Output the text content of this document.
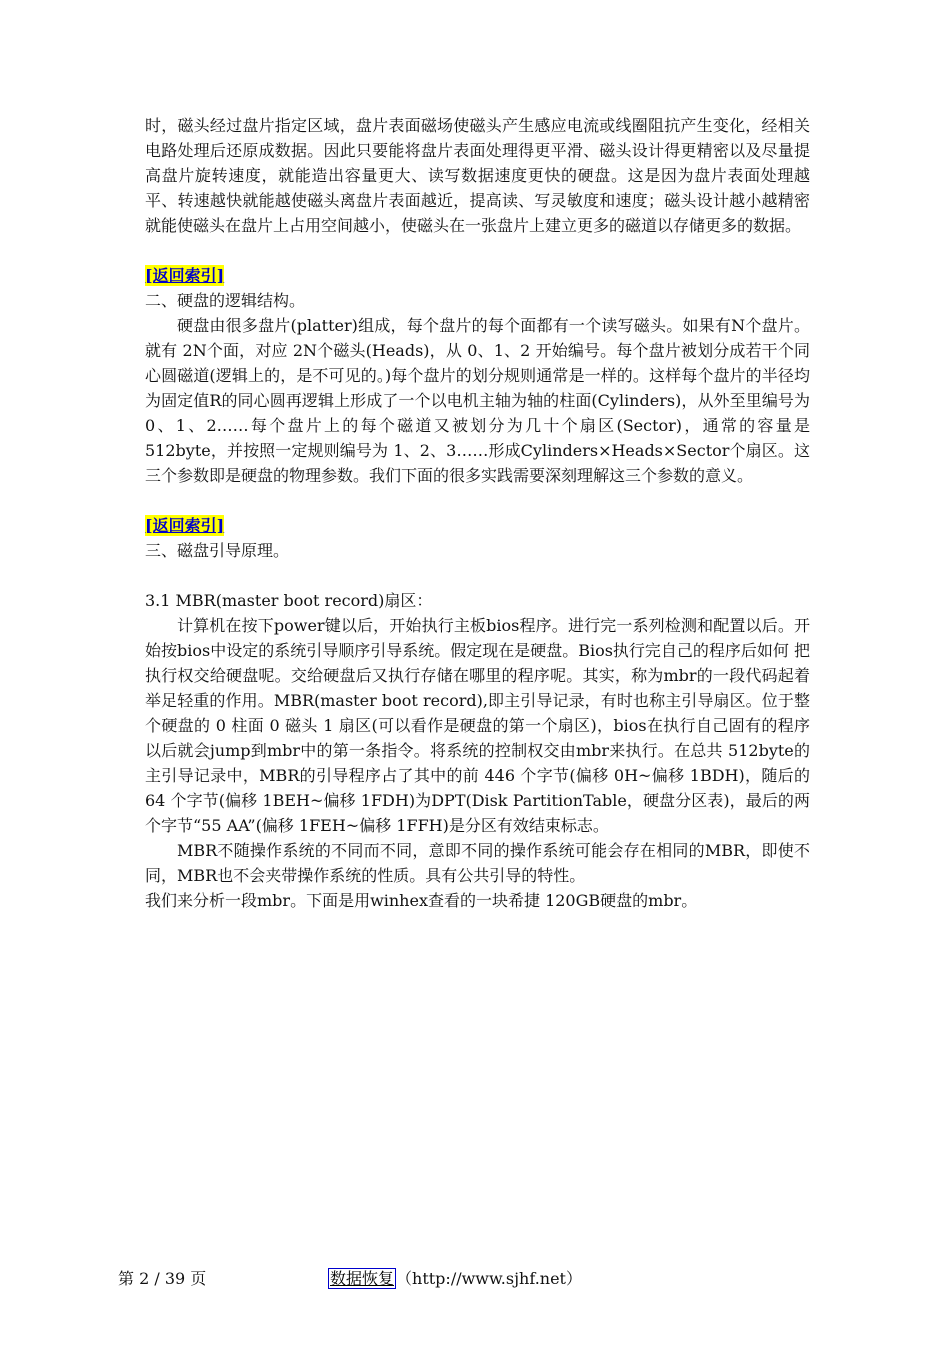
时，磁头经过盘片指定区域，盘片表面磁场使磁头产生感应电流或线圈阻抗产生变化，经相关电路处理后还原成数据。因此只要能将盘片表面处理得更平滑、磁头设计得更精密以及尽量提高盘片旋转速度，就能造出容量更大、读写数据速度更快的硬盘。这是因为盘片表面处理越平、转速越快就能越使磁头离盘片表面越近，提高读、写灵敏度和速度；磁头设计越小越精密就能使磁头在盘片上占用空间越小，使磁头在一张盘片上建立更多的磁道以存储更多的数据。

[返回索引]

二、硬盘的逻辑结构。

硬盘由很多盘片(platter)组成，每个盘片的每个面都有一个读写磁头。如果有N个盘片。就有 2N个面，对应 2N个磁头(Heads)，从 0、1、2 开始编号。每个盘片被划分成若干个同心圆磁道(逻辑上的，是不可见的。)每个盘片的划分规则通常是一样的。这样每个盘片的半径均为固定值R的同心圆再逻辑上形成了一个以电机主轴为轴的柱面(Cylinders)，从外至里编号为 0、1、2……每个盘片上的每个磁道又被划分为几十个扇区(Sector)，通常的容量是 512byte，并按照一定规则编号为 1、2、3……形成Cylinders×Heads×Sector个扇区。这三个参数即是硬盘的物理参数。我们下面的很多实践需要深刻理解这三个参数的意义。

[返回索引]

三、磁盘引导原理。

3.1 MBR(master boot record)扇区：

计算机在按下power键以后，开始执行主板bios程序。进行完一系列检测和配置以后。开始按bios中设定的系统引导顺序引导系统。假定现在是硬盘。Bios执行完自己的程序后如何 把执行权交给硬盘呢。交给硬盘后又执行存储在哪里的程序呢。其实，称为mbr的一段代码起着举足轻重的作用。MBR(master boot record),即主引导记录，有时也称主引导扇区。位于整个硬盘的 0 柱面 0 磁头 1 扇区(可以看作是硬盘的第一个扇区)，bios在执行自己固有的程序以后就会jump到mbr中的第一条指令。将系统的控制权交由mbr来执行。在总共 512byte的主引导记录中，MBR的引导程序占了其中的前 446 个字节(偏移 0H~偏移 1BDH)，随后的 64 个字节(偏移 1BEH~偏移 1FDH)为DPT(Disk PartitionTable，硬盘分区表)，最后的两个字节“55 AA”(偏移 1FEH~偏移 1FFH)是分区有效结束标志。

MBR不随操作系统的不同而不同，意即不同的操作系统可能会存在相同的MBR，即使不同，MBR也不会夹带操作系统的性质。具有公共引导的特性。

我们来分析一段mbr。下面是用winhex查看的一块希捷 120GB硬盘的mbr。

第 2 / 39 页	数据恢复 （http://www.sjhf.net）
